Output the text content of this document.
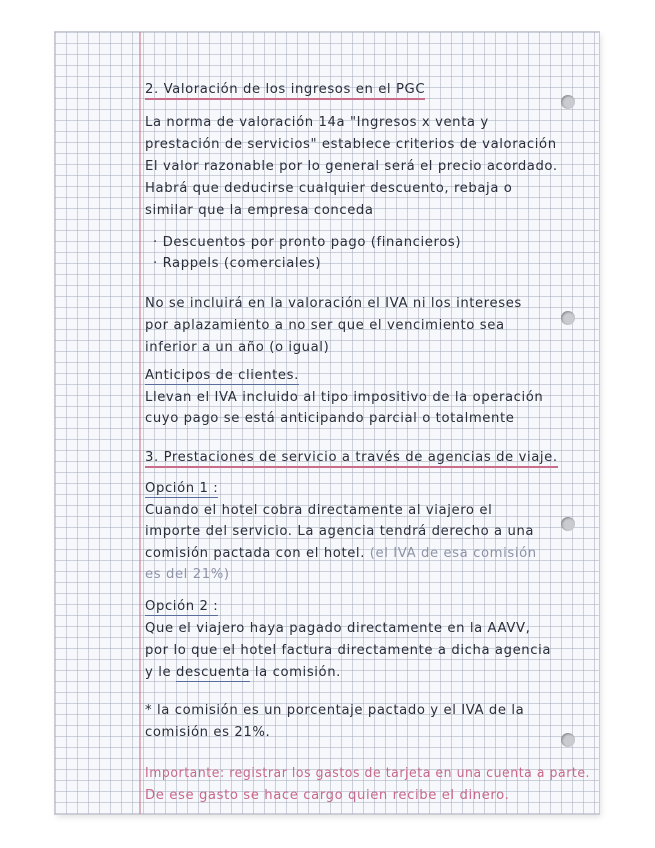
2. Valoración de los ingresos en el PGC
La norma de valoración 14a "Ingresos x venta y
prestación de servicios" establece criterios de valoración
El valor razonable por lo general será el precio acordado.
Habrá que deducirse cualquier descuento, rebaja o
similar que la empresa conceda
· Descuentos por pronto pago (financieros)
· Rappels (comerciales)
No se incluirá en la valoración el IVA ni los intereses
por aplazamiento a no ser que el vencimiento sea
inferior a un año (o igual)
Anticipos de clientes.
Llevan el IVA incluido al tipo impositivo de la operación
cuyo pago se está anticipando parcial o totalmente
3. Prestaciones de servicio a través de agencias de viaje.
Opción 1 :
Cuando el hotel cobra directamente al viajero el
importe del servicio. La agencia tendrá derecho a una
comisión pactada con el hotel. (el IVA de esa comisión
es del 21%)
Opción 2 :
Que el viajero haya pagado directamente en la AAVV,
por lo que el hotel factura directamente a dicha agencia
y le descuenta la comisión.
* la comisión es un porcentaje pactado y el IVA de la
comisión es 21%.
Importante: registrar los gastos de tarjeta en una cuenta a parte.
De ese gasto se hace cargo quien recibe el dinero.
